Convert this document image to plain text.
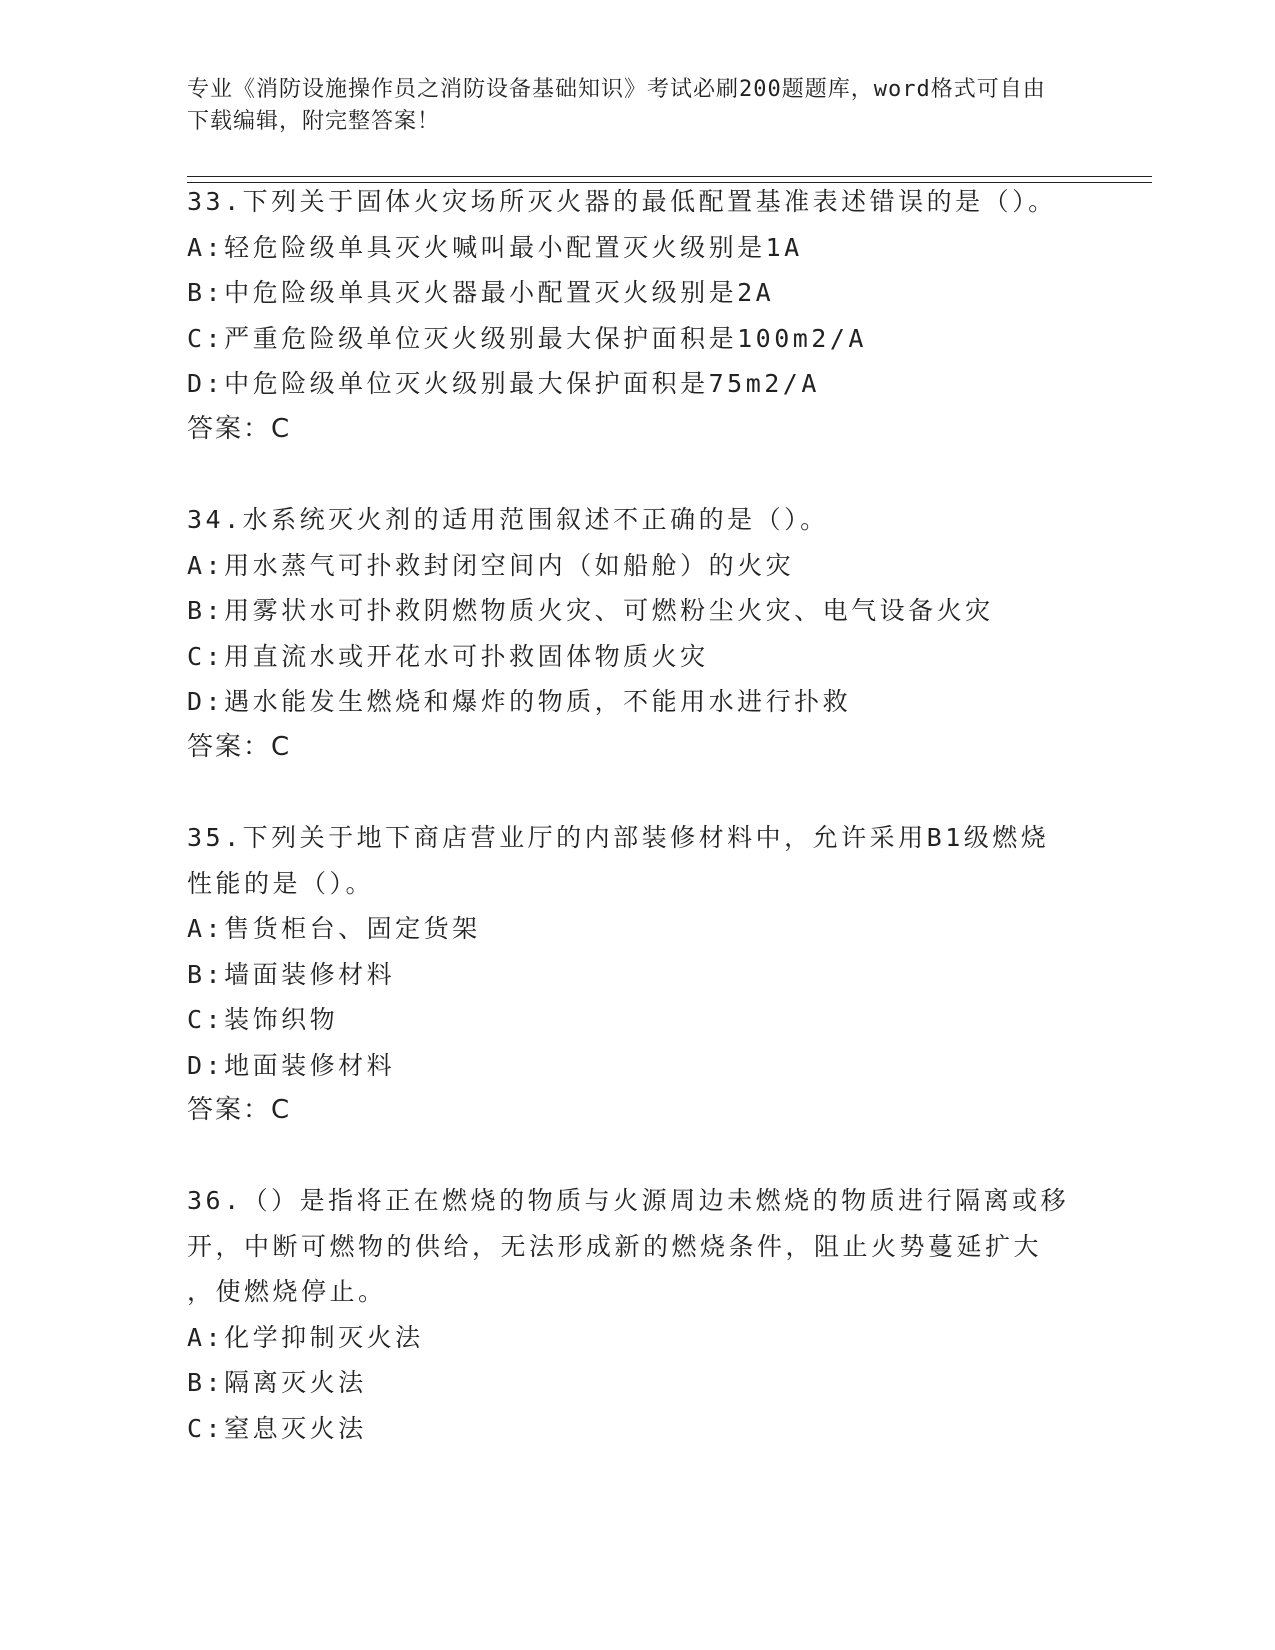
专业《消防设施操作员之消防设备基础知识》考试必刷200题题库，word格式可自由下载编辑，附完整答案！
33.下列关于固体火灾场所灭火器的最低配置基准表述错误的是（）。
A:轻危险级单具灭火喊叫最小配置灭火级别是1A
B:中危险级单具灭火器最小配置灭火级别是2A
C:严重危险级单位灭火级别最大保护面积是100m2/A
D:中危险级单位灭火级别最大保护面积是75m2/A
答案：C
34.水系统灭火剂的适用范围叙述不正确的是（）。
A:用水蒸气可扑救封闭空间内（如船舱）的火灾
B:用雾状水可扑救阴燃物质火灾、可燃粉尘火灾、电气设备火灾
C:用直流水或开花水可扑救固体物质火灾
D:遇水能发生燃烧和爆炸的物质，不能用水进行扑救
答案：C
35.下列关于地下商店营业厅的内部装修材料中，允许采用B1级燃烧
性能的是（）。
A:售货柜台、固定货架
B:墙面装修材料
C:装饰织物
D:地面装修材料
答案：C
36.（）是指将正在燃烧的物质与火源周边未燃烧的物质进行隔离或移
开，中断可燃物的供给，无法形成新的燃烧条件，阻止火势蔓延扩大
，使燃烧停止。
A:化学抑制灭火法
B:隔离灭火法
C:窒息灭火法
